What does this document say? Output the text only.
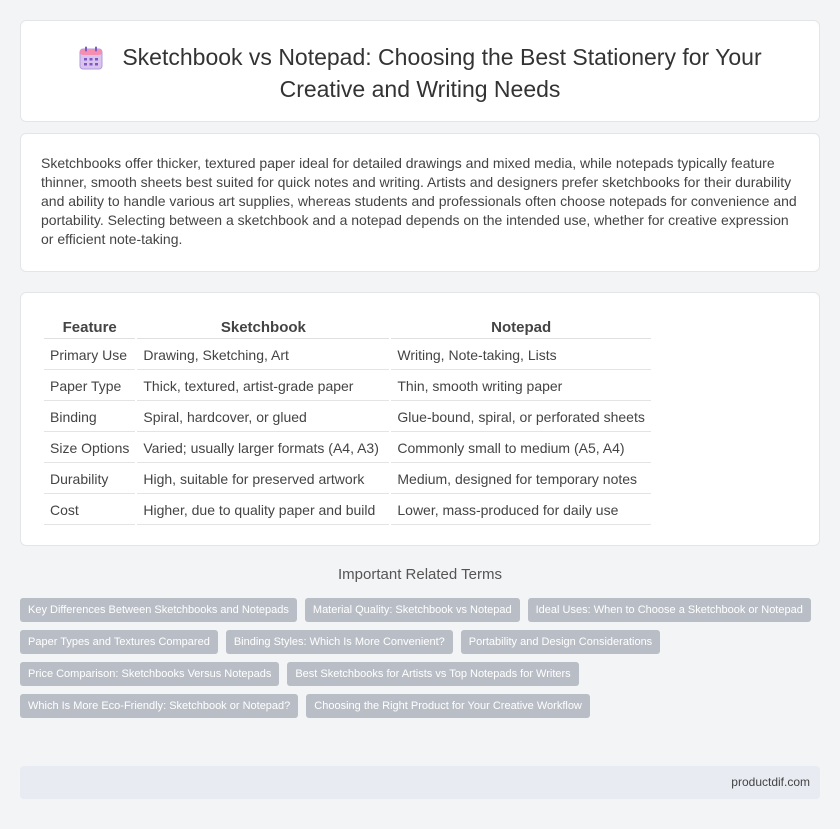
Sketchbook vs Notepad: Choosing the Best Stationery for Your
Creative and Writing Needs

Sketchbooks offer thicker, textured paper ideal for detailed drawings and mixed media, while notepads typically feature thinner, smooth sheets best suited for quick notes and writing. Artists and designers prefer sketchbooks for their durability and ability to handle various art supplies, whereas students and professionals often choose notepads for convenience and portability. Selecting between a sketchbook and a notepad depends on the intended use, whether for creative expression or efficient note-taking.

Feature	Sketchbook	Notepad
Primary Use	Drawing, Sketching, Art	Writing, Note-taking, Lists
Paper Type	Thick, textured, artist-grade paper	Thin, smooth writing paper
Binding	Spiral, hardcover, or glued	Glue-bound, spiral, or perforated sheets
Size Options	Varied; usually larger formats (A4, A3)	Commonly small to medium (A5, A4)
Durability	High, suitable for preserved artwork	Medium, designed for temporary notes
Cost	Higher, due to quality paper and build	Lower, mass-produced for daily use
Important Related Terms
Key Differences Between Sketchbooks and Notepads	Material Quality: Sketchbook vs Notepad	Ideal Uses: When to Choose a Sketchbook or Notepad
Paper Types and Textures Compared	Binding Styles: Which Is More Convenient?	Portability and Design Considerations
Price Comparison: Sketchbooks Versus Notepads	Best Sketchbooks for Artists vs Top Notepads for Writers
Which Is More Eco-Friendly: Sketchbook or Notepad?	Choosing the Right Product for Your Creative Workflow
productdif.com
